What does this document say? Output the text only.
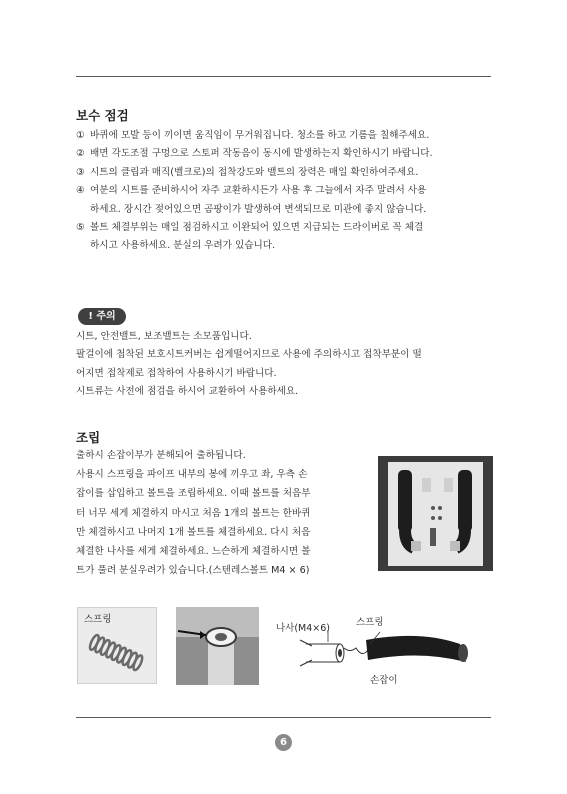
보수 점검
① 바퀴에 모발 등이 끼이면 움직임이 무거워집니다. 청소를 하고 기름을 칠해주세요.
② 배면 각도조절 구멍으로 스토퍼 작동음이 동시에 발생하는지 확인하시기 바랍니다.
③ 시트의 클립과 매직(벨크로)의 접착강도와 밸트의 장력은 매일 확인하여주세요.
④ 여분의 시트를 준비하시어 자주 교환하시든가 사용 후 그늘에서 자주 말려서 사용
하세요. 장시간 젖어있으면 곰팡이가 발생하여 변색되므로 미관에 좋지 않습니다.
⑤ 볼트 체결부위는 매일 점검하시고 이완되어 있으면 지급되는 드라이버로 꼭 체결
하시고 사용하세요. 분실의 우려가 있습니다.
! 주의

시트, 안전밸트, 보조밸트는 소모품입니다.

팔걸이에 첩착된 보호시트커버는 쉽게떨어지므로 사용에 주의하시고 접착부분이 떨
어지면 접착제로 접착하여 사용하시기 바랍니다.

시트류는 사전에 점검을 하시어 교환하여 사용하세요.

조립

출하시 손잡이부가 분해되어 출하됩니다.

사용시 스프링을 파이프 내부의 봉에 끼우고 좌, 우측 손
잡이를 삽입하고 볼트을 조립하세요. 이때 볼트를 처음부
터 너무 세게 체결하지 마시고 처음 1개의 볼트는 한바퀴
만 체결하시고 나머지 1개 볼트를 체결하세요. 다시 처음
체결한 나사를 세게 체결하세요. 느슨하게 체결하시면 볼
트가 풀려 분실우려가 있습니다.(스텐레스볼트 M4 × 6)

스프링
나사(M4×6)
스프링
손잡이
6
